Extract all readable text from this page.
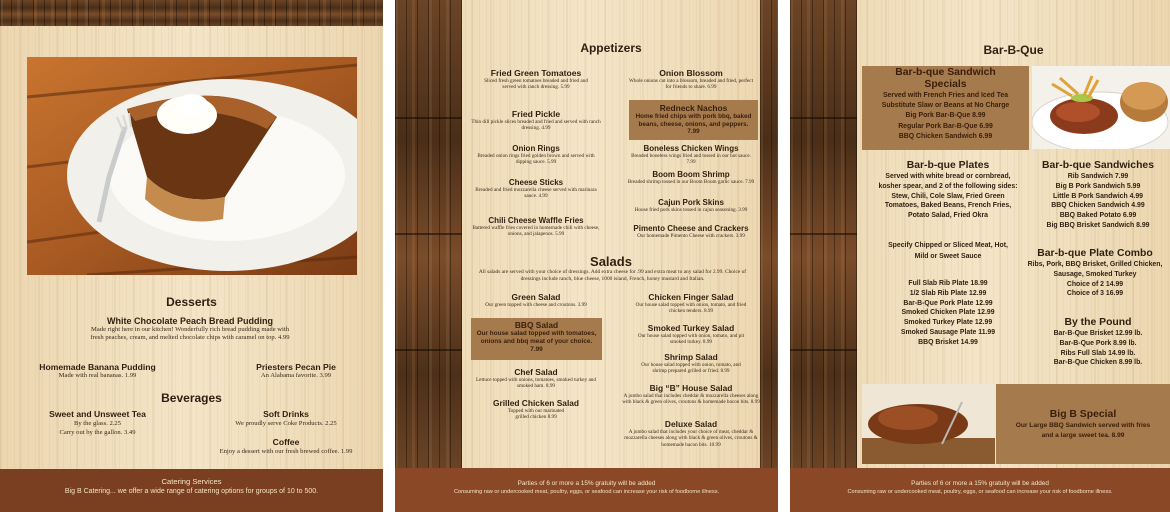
Desserts
White Chocolate Peach Bread Pudding
Made right here in our kitchen! Wonderfully rich bread pudding made with fresh peaches, cream, and melted chocolate chips with caramel on top. 4.99
Homemade Banana Pudding
Made with real bananas. 1.99
Priesters Pecan Pie
An Alabama favorite. 3.99
Beverages
Sweet and Unsweet Tea
By the glass. 2.25
Carry out by the gallon. 3.49
Soft Drinks
We proudly serve Coke Products. 2.25
Coffee
Enjoy a dessert with our fresh brewed coffee. 1.99
Catering Services
Big B Catering... we offer a wide range of catering options for groups of 10 to 500.
Appetizers
Fried Green Tomatoes
Sliced fresh green tomatoes breaded and fried and served with ranch dressing. 5.99
Fried Pickle
Thin dill pickle slices breaded and fried and served with ranch dressing. 4.99
Onion Rings
Breaded onion rings fried golden brown and served with dipping sauce. 5.99
Cheese Sticks
Breaded and fried mozzarella cheese served with marinara sauce. 4.99
Chili Cheese Waffle Fries
Battered waffle fries covered in homemade chili with cheese, onions, and jalapenos. 5.99
Onion Blossom
Whole onions cut into a blossom, breaded and fried, perfect for friends to share. 6.99
Redneck Nachos
Home fried chips with pork bbq, baked beans, cheese, onions, and peppers. 7.99
Boneless Chicken Wings
Breaded boneless wings fried and tossed in our hot sauce. 7.99
Boom Boom Shrimp
Breaded shrimp tossed in our Boom Boom garlic sauce. 7.99
Cajun Pork Skins
House fried pork skins tossed in cajun seasoning. 3.99
Pimento Cheese and Crackers
Our homemade Pimento Cheese with crackers. 3.99
Salads
All salads are served with your choice of dressings. Add extra cheese for .99 and extra meat to any salad for 2.99. Choice of dressings include ranch, blue cheese, 1000 island, French, honey mustard and Italian.
Green Salad
Our green topped with cheese and croutons. 3.99
BBQ Salad
Our house salad topped with tomatoes, onions and bbq meat of your choice. 7.99
Chef Salad
Lettuce topped with onions, tomatoes, smoked turkey and smoked ham. 8.99
Grilled Chicken Salad
Topped with our marinated grilled chicken 8.99
Chicken Finger Salad
Our house salad topped with onion, tomato, and fried chicken tenders. 8.99
Smoked Turkey Salad
Our house salad topped with onion, tomato, and pit smoked turkey. 8.99
Shrimp Salad
Our house salad topped with onion, tomato, and shrimp prepared grilled or fried. 8.99
Big “B” House Salad
A jumbo salad that includes cheddar & mozzarella cheeses along with black & green olives, croutons & homemade bacon bits. 8.99
Deluxe Salad
A jumbo salad that includes your choice of meat, cheddar & mozzarella cheeses along with black & green olives, croutons & homemade bacon bits. 10.99
Parties of 6 or more a 15% gratuity will be added
Consuming raw or undercooked meat, poultry, eggs, or seafood can increase your risk of foodborne illness.
Bar-B-Que
Bar-b-que Sandwich
Specials
Served with French Fries and Iced Tea
Substitute Slaw or Beans at No Charge
Big Pork Bar-B-Que 8.99
Regular Pork Bar-B-Que 6.99
BBQ Chicken Sandwich 6.99
Bar-b-que Plates
Served with white bread or cornbread,
kosher spear, and 2 of the following sides:
Stew, Chili, Cole Slaw, Fried Green
Tomatoes, Baked Beans, French Fries,
Potato Salad, Fried Okra
Specify Chipped or Sliced Meat, Hot,
Mild or Sweet Sauce
Full Slab Rib Plate 18.99
1/2 Slab Rib Plate 12.99
Bar-B-Que Pork Plate 12.99
Smoked Chicken Plate 12.99
Smoked Turkey Plate 12.99
Smoked Sausage Plate 11.99
BBQ Brisket 14.99
Bar-b-que Sandwiches
Rib Sandwich 7.99
Big B Pork Sandwich 5.99
Little B Pork Sandwich 4.99
BBQ Chicken Sandwich 4.99
BBQ Baked Potato 6.99
Big BBQ Brisket Sandwich 8.99
Bar-b-que Plate Combo
Ribs, Pork, BBQ Brisket, Grilled Chicken,
Sausage, Smoked Turkey
Choice of 2 14.99
Choice of 3 16.99
By the Pound
Bar-B-Que Brisket 12.99 lb.
Bar-B-Que Pork 8.99 lb.
Ribs Full Slab 14.99 lb.
Bar-B-Que Chicken 8.99 lb.
Big B Special
Our Large BBQ Sandwich served with fries
and a large sweet tea. 8.99
Parties of 6 or more a 15% gratuity will be added
Consuming raw or undercooked meat, poultry, eggs, or seafood can increase your risk of foodborne illness.
